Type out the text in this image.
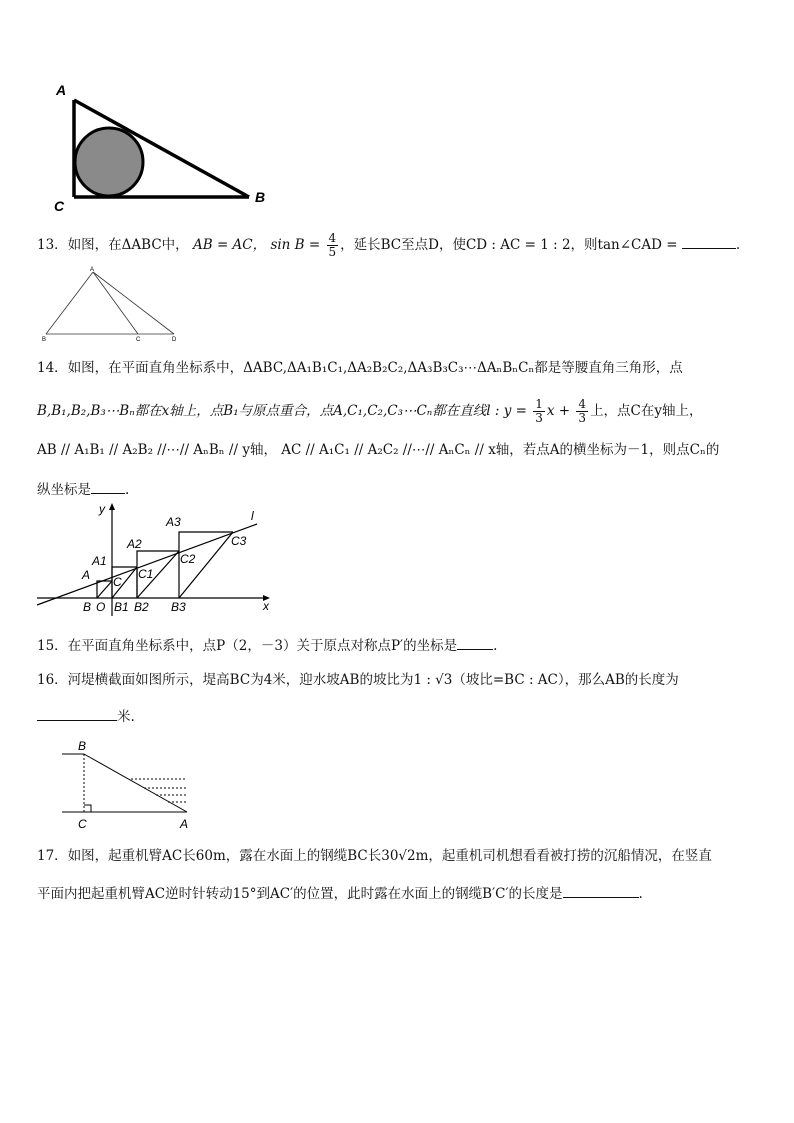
A
C
B
13．如图，在ΔABC中， AB = AC， $\sin B = \frac{4}{5}$ ，延长BC至点D，使CD : AC = 1 : 2，则tan∠CAD =	.
A
B	C	D
14．如图，在平面直角坐标系中，ΔABC,ΔA₁B₁C₁,ΔA₂B₂C₂,ΔA₃B₃C₃⋯ΔAₙBₙCₙ都是等腰直角三角形，点
B,B₁,B₂,B₃⋯Bₙ都在x轴上，点B₁与原点重合，点A,C₁,C₂,C₃⋯Cₙ都在直线l : $y = \frac{1}{3}$ $x + \frac{4}{3}$ 上，点C在y轴上，
AB // A₁B₁ // A₂B₂ //⋯// AₙBₙ // y轴， AC // A₁C₁ // A₂C₂ //⋯// AₙCₙ // x轴，若点A的横坐标为－1，则点Cₙ的
纵坐标是	.
y
x
l
O
B
A C
A1
B1
C1
A2
B2
C2
A3
B3
C3
15．在平面直角坐标系中，点P（2，－3）关于原点对称点P′的坐标是	.
16．河堤横截面如图所示，堤高BC为4米，迎水坡AB的坡比为1 : √3（坡比=BC : AC），那么AB的长度为
米.
B
C	A
17．如图，起重机臂AC长60m，露在水面上的钢缆BC长30√2m，起重机司机想看看被打捞的沉船情况，在竖直
平面内把起重机臂AC逆时针转动15°到AC′的位置，此时露在水面上的钢缆B′C′的长度是	.
